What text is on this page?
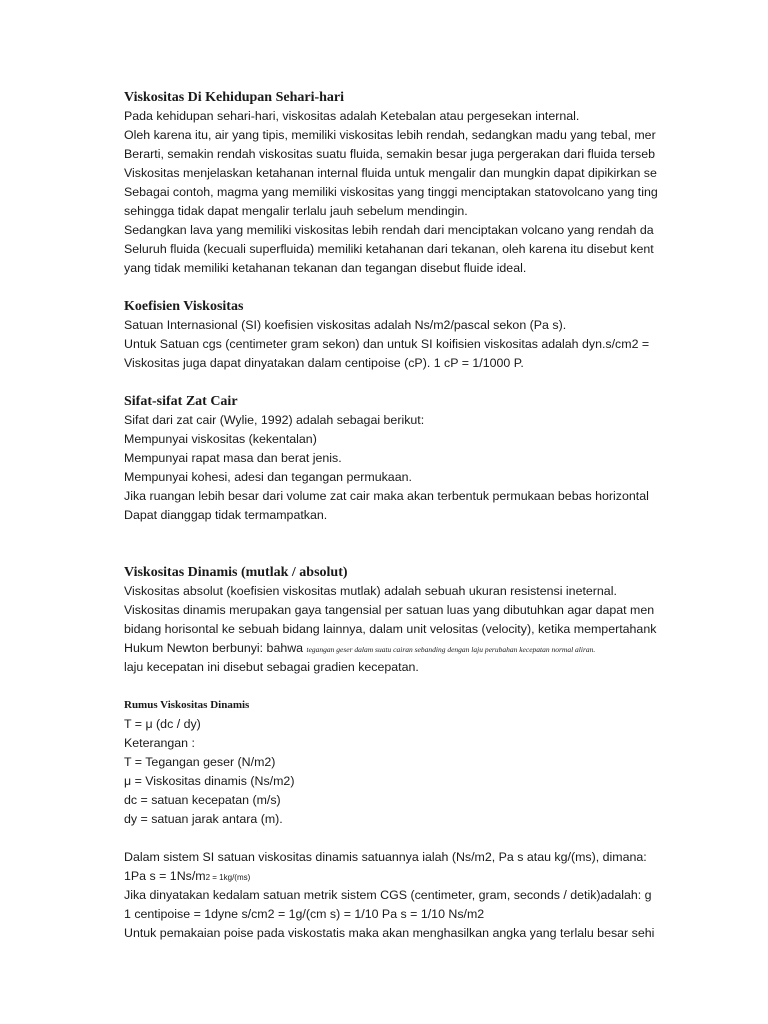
Viskositas Di Kehidupan Sehari-hari
Pada kehidupan sehari-hari, viskositas adalah Ketebalan atau pergesekan internal.
Oleh karena itu, air yang tipis, memiliki viskositas lebih rendah, sedangkan madu yang tebal, mer
Berarti, semakin rendah viskositas suatu fluida, semakin besar juga pergerakan dari fluida terseb
Viskositas menjelaskan ketahanan internal fluida untuk mengalir dan mungkin dapat dipikirkan se
Sebagai contoh, magma yang memiliki viskositas yang tinggi menciptakan statovolcano yang ting
sehingga tidak dapat mengalir terlalu jauh sebelum mendingin.
Sedangkan lava yang memiliki viskositas lebih rendah dari menciptakan volcano yang rendah da
Seluruh fluida (kecuali superfluida) memiliki ketahanan dari tekanan, oleh karena itu disebut kent
yang tidak memiliki ketahanan tekanan dan tegangan disebut fluide ideal.
Koefisien Viskositas
Satuan Internasional (SI) koefisien viskositas adalah Ns/m2/pascal sekon (Pa s).
Untuk Satuan cgs (centimeter gram sekon) dan untuk SI koifisien viskositas adalah dyn.s/cm2 =
Viskositas juga dapat dinyatakan dalam centipoise (cP). 1 cP = 1/1000 P.
Sifat-sifat Zat Cair
Sifat dari zat cair (Wylie, 1992) adalah sebagai berikut:
Mempunyai viskositas (kekentalan)
Mempunyai rapat masa dan berat jenis.
Mempunyai kohesi, adesi dan tegangan permukaan.
Jika ruangan lebih besar dari volume zat cair maka akan terbentuk permukaan bebas horizontal
Dapat dianggap tidak termampatkan.
Viskositas Dinamis (mutlak / absolut)
Viskositas absolut (koefisien viskositas mutlak) adalah sebuah ukuran resistensi ineternal.
Viskositas dinamis merupakan gaya tangensial per satuan luas yang dibutuhkan agar dapat men
bidang horisontal ke sebuah bidang lainnya, dalam unit velositas (velocity), ketika mempertahank
Hukum Newton berbunyi: bahwa tegangan geser dalam suatu cairan sebanding dengan laju perubahan kecepatan normal aliran.
laju kecepatan ini disebut sebagai gradien kecepatan.
Rumus Viskositas Dinamis
T = μ (dc / dy)
Keterangan :
T = Tegangan geser (N/m2)
μ = Viskositas dinamis (Ns/m2)
dc = satuan kecepatan (m/s)
dy = satuan jarak antara (m).
Dalam sistem SI satuan viskositas dinamis satuannya ialah (Ns/m2, Pa s atau kg/(ms), dimana:
1Pa s = 1Ns/m2 = 1kg/(ms)
Jika dinyatakan kedalam satuan metrik sistem CGS (centimeter, gram, seconds / detik)adalah: g
1 centipoise = 1dyne s/cm2 = 1g/(cm s) = 1/10 Pa s = 1/10 Ns/m2
Untuk pemakaian poise pada viskostatis maka akan menghasilkan angka yang terlalu besar sehi
